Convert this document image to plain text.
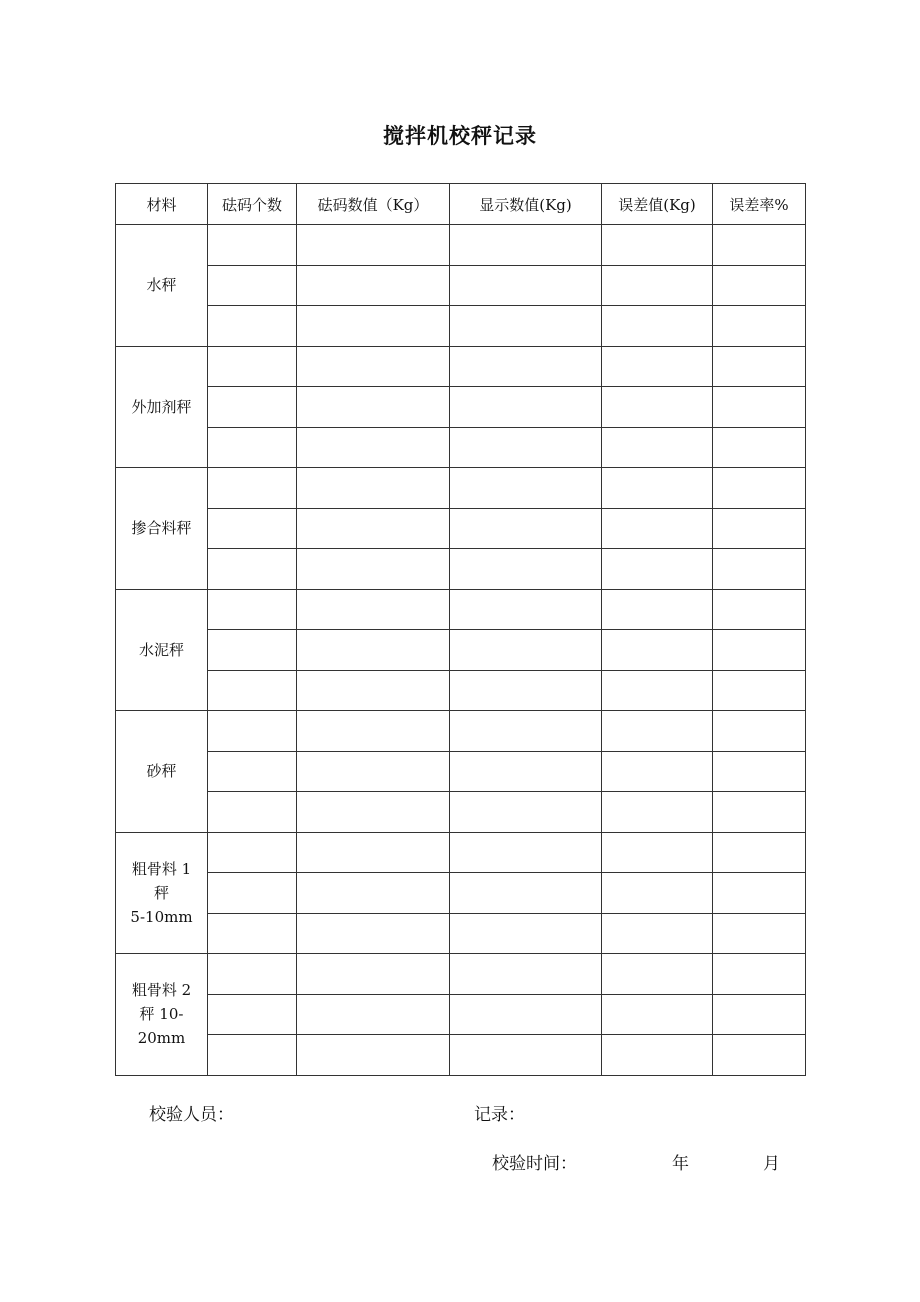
搅拌机校秤记录
材料	砝码个数	砝码数值（Kg）	显示数值(Kg)	误差值(Kg)	误差率%

水秤					

外加剂秤					

掺合料秤					

水泥秤					

砂秤					

粗骨料 1
秤
5-10mm					

粗骨料 2
秤 10-
20mm					

校验人员：	记录：
校验时间：	年	月
